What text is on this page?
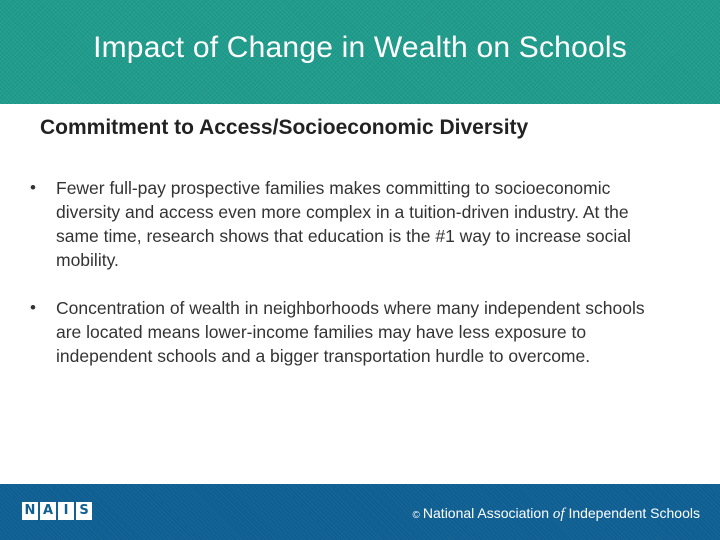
Impact of Change in Wealth on Schools
Commitment to Access/Socioeconomic Diversity
• Fewer full-pay prospective families makes committing to socioeconomic diversity and access even more complex in a tuition-driven industry. At the same time, research shows that education is the #1 way to increase social mobility.
• Concentration of wealth in neighborhoods where many independent schools are located means lower-income families may have less exposure to independent schools and a bigger transportation hurdle to overcome.
N A I S	© National Association of Independent Schools
